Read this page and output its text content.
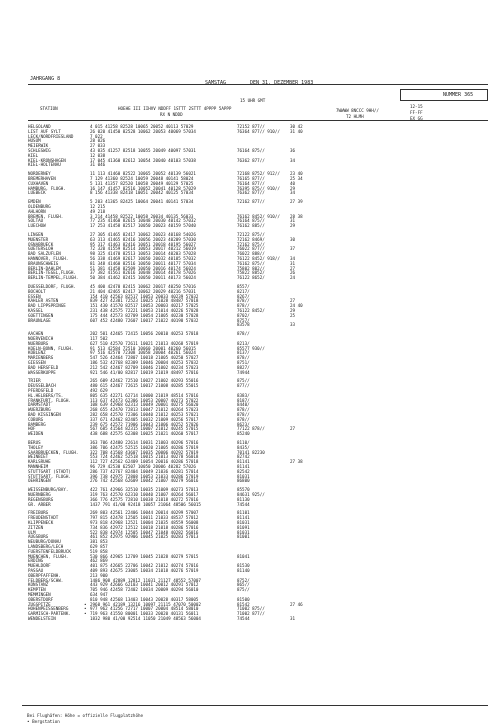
JAHRGANG 8
SAMSTAG	DEN 31. DEZEMBER 1983
NUMMER 365
15 UHR GMT
12-15
STATION	HOEHE III IIHVV NDDFF 1STTT 2STTT 4PPPP 5APPP
RX N NDDD
7WWWW 8NCCC 9HH//
T2 HLMH
FF-FF
EX GG
HELGOLAND	4 015 41258 82528 10065 20052 40113 57029	72152 877//	30 42
LIST AUF SYLT	26 020 41450 82528 10062 20053 40069 57034	76364 877// 910// 31 40
LECK/NORDFRIESLAND	7 022
HUSUM	28 026
MEIERWIK	27 033
SCHLESWIG	43 035 41257 82518 10055 20049 40097 57031	76164 875//	36
KIEL	12 038
KIEL-KRONSHAGEN	17 045 41360 82612 10054 20040 40103 57038	76362 877//	34
KIEL-HOLTENAU	31 046
NORDERNEY	11 113 41460 82522 10065 20052 40139 56021	72168 8752/ 912// 23 40
BREMERHAVEN	7 129 41360 82524 10059 20048 40141 58024	76165 877//	25 34
CUXHAVEN	5 131 41357 82520 10058 20049 40129 57025	76164 877//	40
HAMBURG, FLUGH.	16 147 41457 82516 10052 20041 40128 57029	76395 875// 910// 29
LUEBECK	8 156 41338 82418 10051 20042 40125 57034	76362 877//	34
EMDEN	5 203 41365 82425 10064 20041 40141 57034	72162 877//	27 39
OLDENBURG	12 215
AHLHORN	49 218
BREMEN, FLUGH.	3 214 41458 82522 10058 20034 40135 56033	76162 8452/ 910// 28 38
SOLTAU	77 235 41460 82615 10048 20030 40142 57032	76164 875//	31
LUECHOW	17 253 41458 82517 10050 20023 40159 57040	76162 885//	29
LINGEN	27 305 41465 82417 10062 20023 40168 54026	72122 875//
MUENSTER	63 313 41465 82416 10056 20023 40209 57030	72162 8469/	30
OSNABRUECK	95 317 41463 82416 10051 20018 40195 56027	72162 875//
GUETERSLOH	72 320 41559 82514 10053 20017 40212 56019	76022 877//	37
BAD SALZUFLEN	98 325 41470 82513 10053 20014 40203 57028	76022 888//
HANNOVER, FLUGH.	56 338 41469 82617 10050 20032 40185 57032	76122 8452/ 918// 34
BRAUNSCHWEIG	81 348 41460 82516 10050 20011 40177 57034	76162 875//	31
BERLIN-DAHLEM	51 381 41458 82509 10050 20016 40174 56024	75802 802//	27
BERLIN-TEGEL,FLUGH.	37 382 41561 82616 10048 20014 40178 57026	75822 8852/	26
BERLIN-TEMPEL,FLUGH.	50 384 41462 82415 10050 20011 40173 56024	76122 8652/	24
DUESSELDORF, FLUGH.	45 400 42470 82415 10062 20017 40250 57016	8557/
BOCHOLT	21 404 42465 82417 10062 20029 40216 57031	8217/
ESSEN	154 410 42563 82517 10053 20033 40239 57032	8267/
KAHLER ASTEN	839 427 42381 72523 10025 21028 48487 57018	878//	27
BAD LIPPSPRINGE	151 430 41570 82517 10053 20003 40217 57025	878//	24 40
KASSEL	231 438 42575 72221 10053 21014 40226 57028	76122 8452/	29
GOETTINGEN	175 444 42573 82709 10054 21005 40230 57028	8702/	25
BRAUNLAGE	607 452 42480 72607 10017 21022 40190 57032	8757/
83578	33
AACHEN	202 501 42465 72415 10056 20010 40253 57018	878//
NOERVENICH	117 502
NUERBURG	627 510 42570 72611 10021 21013 40268 57019	8213/
KOELN-BONN, FLUGH.	91 513 42584 72510 10060 20001 40260 56015	85577 930//
KOBLENZ	97 516 42570 72308 10058 20004 40261 56024	8137/
MARIENBERG	547 526 42464 72807 10018 21005 40250 57027	878//
GIESSEN	186 532 42768 82309 10046 20004 40253 57032	8751/
BAD HERSFELD	212 542 42467 82709 10046 21002 40234 57023	8827/
WASSERKUPPE	921 546 41/00 82817 10019 21019 48497 57016	74944
TRIER	265 609 42462 72510 10027 21002 40293 55016	875//
DEUSSELBACH	480 615 42467 72615 10017 21008 40285 55015	877//
PFERDSFELD	492 629
HL.HELBERG/TS.	805 635 42271 62714 10000 21019 48514 57016	8383/
FRANKFURT, FLUGH.	113 637 42473 62306 10053 20007 40273 57022	8187/
DARMSTADT	108 639 42968 62313 10049 20001 40275 56020	8440/
WUERZBURG	268 655 42470 72813 10047 21012 40264 57023	878//
BAD KISSINGEN	282 658 42570 72306 10040 21012 40253 57021	878//
COBURG	337 671 42462 82405 10032 21009 40256 57017	878//
BAMBERG	239 675 42572 71906 10043 21006 40252 57026	8623/
HOF	567 685 41564 82315 10007 21012 40245 57015	77122 878//	27
WEIDEN	438 688 42575 62308 10025 21021 40260 57017	85240
BERUS	363 706 42480 22614 10031 21003 40296 57016	8110/
THOLEY	386 706 42475 52515 10020 21005 40286 57019	8435/
SAARBRUECKEN, FLUGH.	322 708 41568 43607 10035 20006 40292 57019	70141 82230
WEINBIET	553 724 42462 52518 10015 21013 40278 56018	82742
KARLSRUHE	112 727 42562 62409 10054 20016 40286 57018	81141	27 38
MANNHEIM	96 729 42530 62507 10050 20006 40282 57026	81141
STUTTGART (STADT)	286 737 42767 82404 10049 21036 40281 57014	82542
STUTTGART, FLUGH.	396 738 42975 72808 10053 21033 40286 57019	81031
OEHRINGEN	276 742 42568 62609 10042 21007 40279 56016	86800
WEISSENBURG/BAY.	422 761 42966 32510 10035 21009 40273 57013	85570
NUERNBERG	319 763 42570 62310 10040 21007 40264 56017	84631 925//
REGENSBURG	366 776 42575 72810 10038 21018 40272 57016	81130
GR. ARBER	1437 791 41/00 92418 10057 21064 48506 56015	74544
FREIBURG	269 803 42561 22406 10044 20014 40299 57007	81101
FREUDENSTADT	797 815 42478 12505 10011 21033 48537 57012	81141
KLIPPENECK	973 818 42968 12521 10004 21035 48559 56008	81031
ZITZEN	734 836 42972 12512 10018 21018 40286 57016	81091
ULM	522 838 42974 12505 10047 21048 40282 56016	81031
AUGSBURG	461 852 42975 92906 10045 21025 40283 57013	81001
NEUBURG/DONAU	381 853
LANDSBERG/LECH	629 857
FUERSTENFELDBRUCK	519 858
MUENCHEN, FLUGH.	530 866 42965 12709 10045 21028 40279 57015	81041
ERDING	462 869
MUEHLDORF	401 875 42665 22706 10042 21012 40274 57016	81530
PASSAU	409 893 42675 23005 10034 21018 40276 57019	81140
OBERPFAFFENH.	213 900
FELDBERG/SCHW.	1486 908 42889 12812 11031 21127 48552 57007	8752/
KONSTANZ	443 929 42666 62103 10041 20012 40291 57012	865//
KEMPTEN	705 946 42458 72402 10034 20009 40294 56010	875//
MEMMINGEN	634 947
OBERSTDORF	810 948 42568 13403 10043 20028 40317 58005	81500
ZUGSPITZE	2960 961 42189 13216 10097 21115 47070 50002	81542	27 46
•
HOHENPEISSENBERG	977 962 41256 72717 10007 20004 48514 58010	71002 875//
•
GARMISCH-PARTENK.	719 963 41550 80001 10033 20020 40131 56011	71002 877//
•
WENDELSTEIN	1832 980 41/00 92514 11050 21049 48563 56004	74544	31

Bei Flughäfen: Höhe = offizielle Flugplatzhöhe

• Bergstation
